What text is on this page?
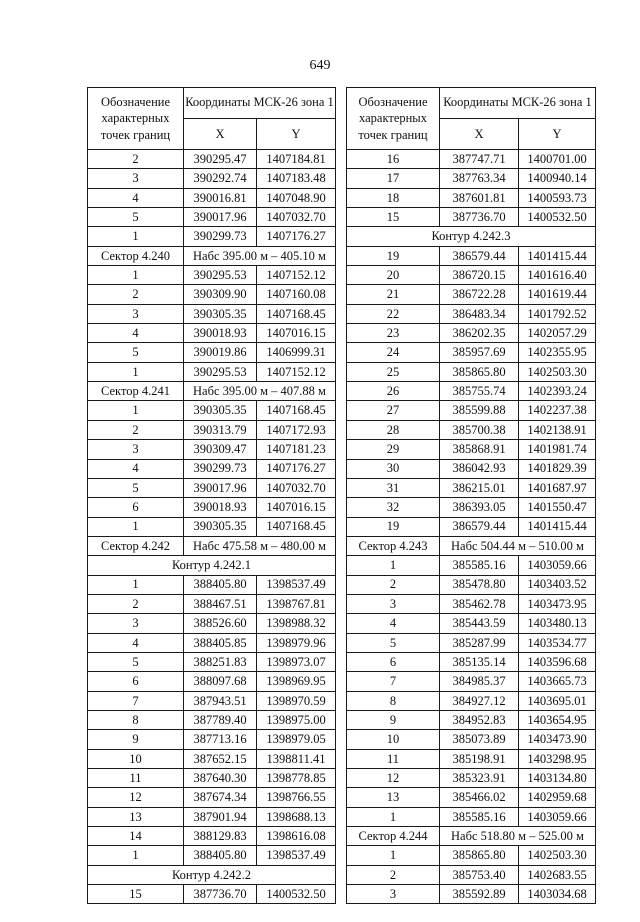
649
Обозначение характерных точек границ	Координаты МСК-26 зона 1	
	X	Y
2	390295.47	1407184.81
3	390292.74	1407183.48
4	390016.81	1407048.90
5	390017.96	1407032.70
1	390299.73	1407176.27
Сектор 4.240	Набс 395.00 м – 405.10 м	
1	390295.53	1407152.12
2	390309.90	1407160.08
3	390305.35	1407168.45
4	390018.93	1407016.15
5	390019.86	1406999.31
1	390295.53	1407152.12
Сектор 4.241	Набс 395.00 м – 407.88 м	
1	390305.35	1407168.45
2	390313.79	1407172.93
3	390309.47	1407181.23
4	390299.73	1407176.27
5	390017.96	1407032.70
6	390018.93	1407016.15
1	390305.35	1407168.45
Сектор 4.242	Набс 475.58 м – 480.00 м	
Контур 4.242.1		
1	388405.80	1398537.49
2	388467.51	1398767.81
3	388526.60	1398988.32
4	388405.85	1398979.96
5	388251.83	1398973.07
6	388097.68	1398969.95
7	387943.51	1398970.59
8	387789.40	1398975.00
9	387713.16	1398979.05
10	387652.15	1398811.41
11	387640.30	1398778.85
12	387674.34	1398766.55
13	387901.94	1398688.13
14	388129.83	1398616.08
1	388405.80	1398537.49
Контур 4.242.2		
15	387736.70	1400532.50
Обозначение характерных точек границ	Координаты МСК-26 зона 1	
	X	Y
16	387747.71	1400701.00
17	387763.34	1400940.14
18	387601.81	1400593.73
15	387736.70	1400532.50
Контур 4.242.3		
19	386579.44	1401415.44
20	386720.15	1401616.40
21	386722.28	1401619.44
22	386483.34	1401792.52
23	386202.35	1402057.29
24	385957.69	1402355.95
25	385865.80	1402503.30
26	385755.74	1402393.24
27	385599.88	1402237.38
28	385700.38	1402138.91
29	385868.91	1401981.74
30	386042.93	1401829.39
31	386215.01	1401687.97
32	386393.05	1401550.47
19	386579.44	1401415.44
Сектор 4.243	Набс 504.44 м – 510.00 м	
1	385585.16	1403059.66
2	385478.80	1403403.52
3	385462.78	1403473.95
4	385443.59	1403480.13
5	385287.99	1403534.77
6	385135.14	1403596.68
7	384985.37	1403665.73
8	384927.12	1403695.01
9	384952.83	1403654.95
10	385073.89	1403473.90
11	385198.91	1403298.95
12	385323.91	1403134.80
13	385466.02	1402959.68
1	385585.16	1403059.66
Сектор 4.244	Набс 518.80 м – 525.00 м	
1	385865.80	1402503.30
2	385753.40	1402683.55
3	385592.89	1403034.68
